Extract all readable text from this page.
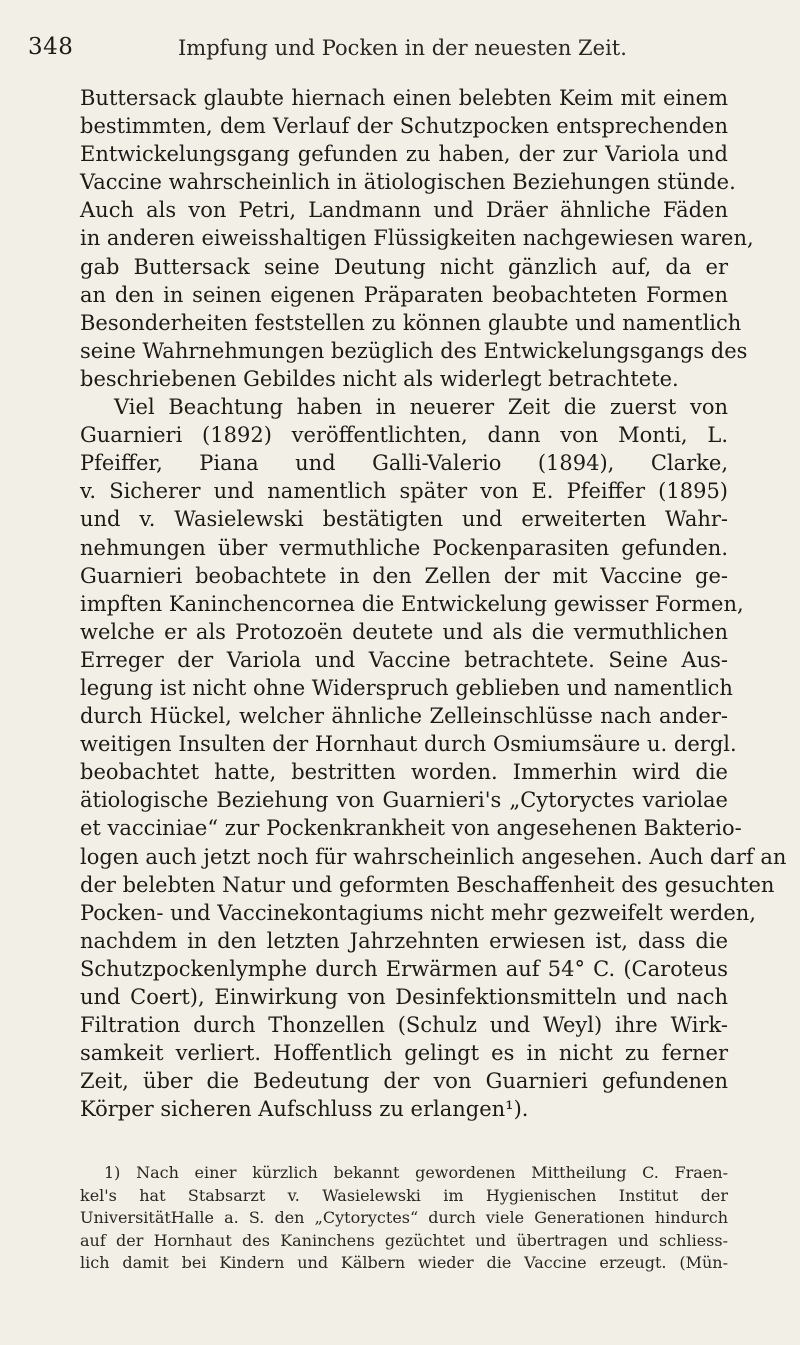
348	Impfung und Pocken in der neuesten Zeit.
Buttersack glaubte hiernach einen belebten Keim mit einem
bestimmten, dem Verlauf der Schutzpocken entsprechenden
Entwickelungsgang gefunden zu haben, der zur Variola und
Vaccine wahrscheinlich in ätiologischen Beziehungen stünde.
Auch als von Petri, Landmann und Dräer ähnliche Fäden
in anderen eiweisshaltigen Flüssigkeiten nachgewiesen waren,
gab Buttersack seine Deutung nicht gänzlich auf, da er
an den in seinen eigenen Präparaten beobachteten Formen
Besonderheiten feststellen zu können glaubte und namentlich
seine Wahrnehmungen bezüglich des Entwickelungsgangs des
beschriebenen Gebildes nicht als widerlegt betrachtete.
Viel Beachtung haben in neuerer Zeit die zuerst von
Guarnieri (1892) veröffentlichten, dann von Monti, L.
Pfeiffer, Piana und Galli-Valerio (1894), Clarke,
v. Sicherer und namentlich später von E. Pfeiffer (1895)
und v. Wasielewski bestätigten und erweiterten Wahr-
nehmungen über vermuthliche Pockenparasiten gefunden.
Guarnieri beobachtete in den Zellen der mit Vaccine ge-
impften Kaninchencornea die Entwickelung gewisser Formen,
welche er als Protozoën deutete und als die vermuthlichen
Erreger der Variola und Vaccine betrachtete. Seine Aus-
legung ist nicht ohne Widerspruch geblieben und namentlich
durch Hückel, welcher ähnliche Zelleinschlüsse nach ander-
weitigen Insulten der Hornhaut durch Osmiumsäure u. dergl.
beobachtet hatte, bestritten worden. Immerhin wird die
ätiologische Beziehung von Guarnieri's „Cytoryctes variolae
et vacciniae“ zur Pockenkrankheit von angesehenen Bakterio-
logen auch jetzt noch für wahrscheinlich angesehen. Auch darf an
der belebten Natur und geformten Beschaffenheit des gesuchten
Pocken- und Vaccinekontagiums nicht mehr gezweifelt werden,
nachdem in den letzten Jahrzehnten erwiesen ist, dass die
Schutzpockenlymphe durch Erwärmen auf 54° C. (Caroteus
und Coert), Einwirkung von Desinfektionsmitteln und nach
Filtration durch Thonzellen (Schulz und Weyl) ihre Wirk-
samkeit verliert. Hoffentlich gelingt es in nicht zu ferner
Zeit, über die Bedeutung der von Guarnieri gefundenen
Körper sicheren Aufschluss zu erlangen¹).
1) Nach einer kürzlich bekannt gewordenen Mittheilung C. Fraen-
kel's hat Stabsarzt v. Wasielewski im Hygienischen Institut der
UniversitätHalle a. S. den „Cytoryctes“ durch viele Generationen hindurch
auf der Hornhaut des Kaninchens gezüchtet und übertragen und schliess-
lich damit bei Kindern und Kälbern wieder die Vaccine erzeugt. (Mün-
